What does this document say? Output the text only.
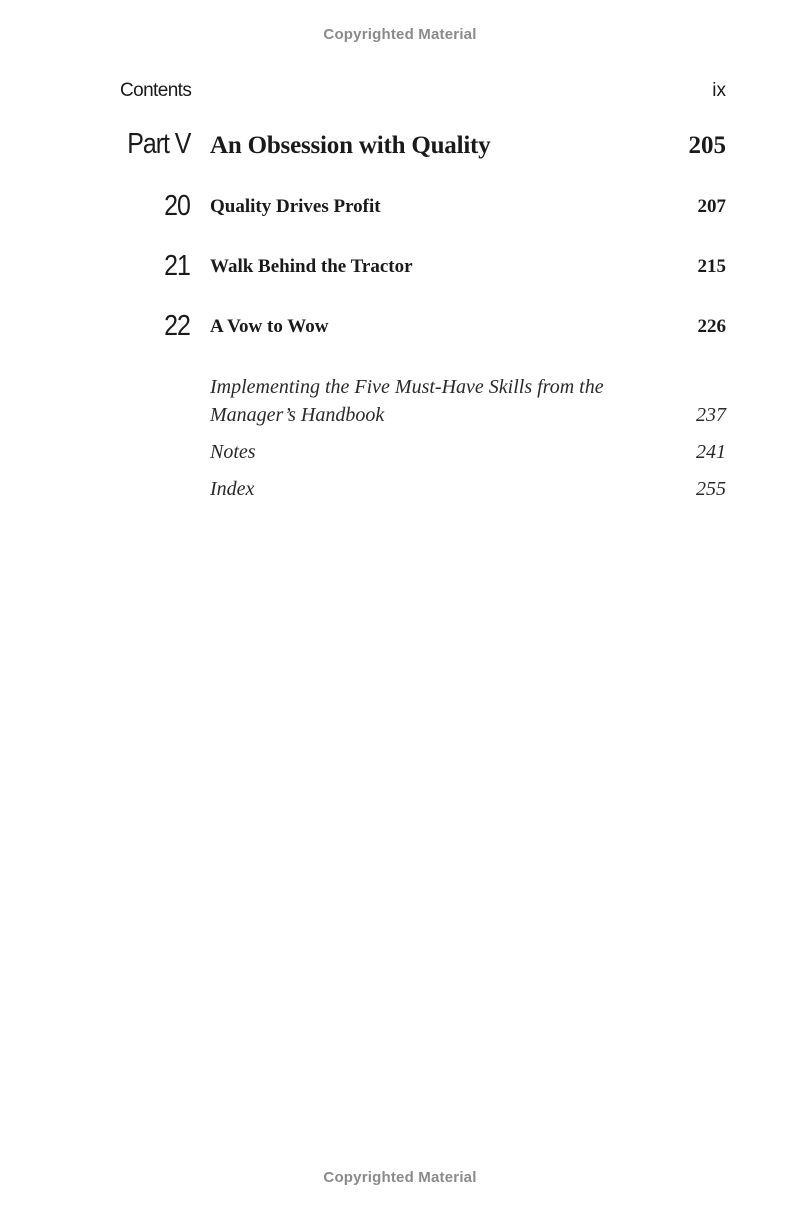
Copyrighted Material
Contents	ix
Part V An Obsession with Quality	205
20 Quality Drives Profit	207
21 Walk Behind the Tractor	215
22 A Vow to Wow	226
Implementing the Five Must-Have Skills from the Manager’s Handbook	237
Notes	241
Index	255
Copyrighted Material
